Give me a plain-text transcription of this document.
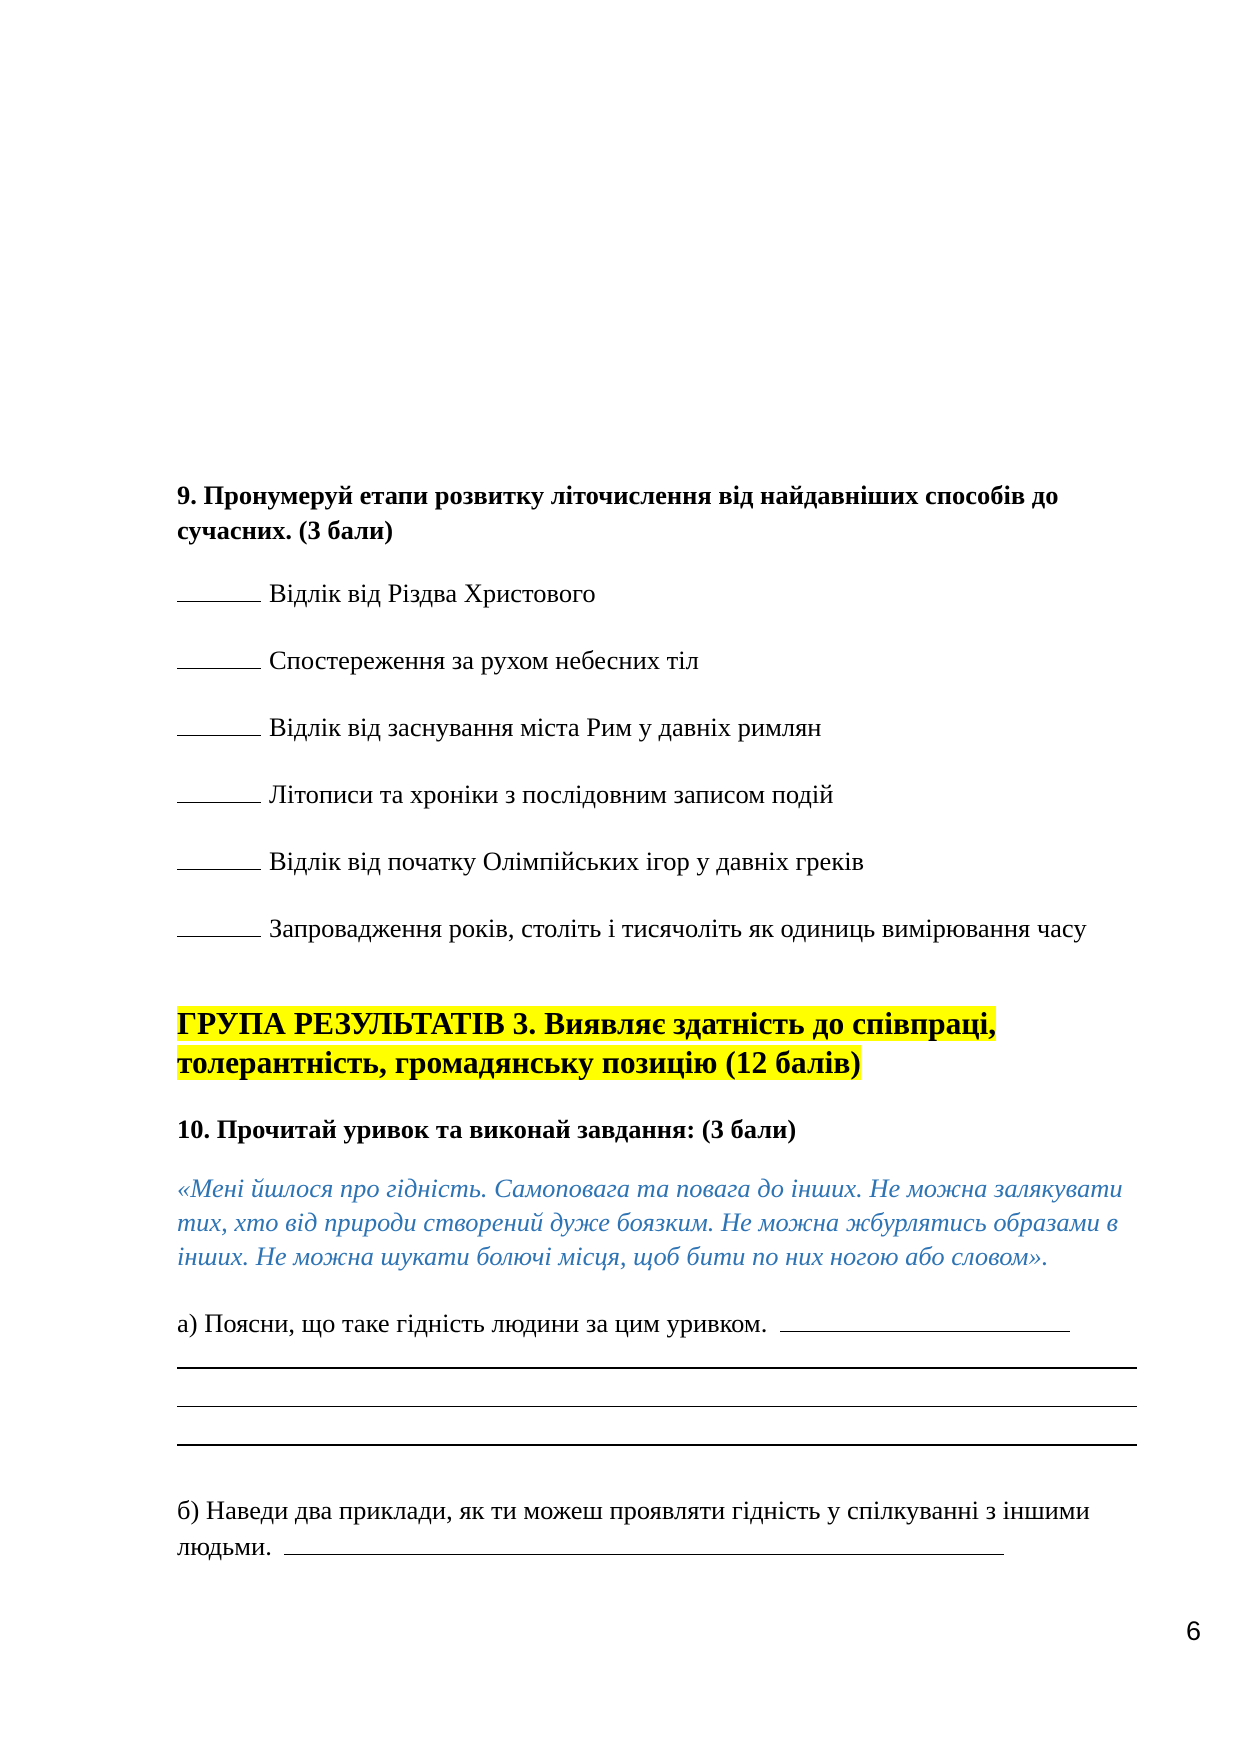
9. Пронумеруй етапи розвитку літочислення від найдавніших способів до сучасних. (3 бали)

Відлік від Різдва Христового

Спостереження за рухом небесних тіл

Відлік від заснування міста Рим у давніх римлян

Літописи та хроніки з послідовним записом подій

Відлік від початку Олімпійських ігор у давніх греків

Запровадження років, століть і тисячоліть як одиниць вимірювання часу

ГРУПА РЕЗУЛЬТАТІВ 3. Виявляє здатність до співпраці, толерантність, громадянську позицію (12 балів)

10. Прочитай уривок та виконай завдання: (3 бали)

«Мені йшлося про гідність. Самоповага та повага до інших. Не можна залякувати тих, хто від природи створений дуже боязким. Не можна жбурлятись образами в інших. Не можна шукати болючі місця, щоб бити по них ногою або словом».

а) Поясни, що таке гідність людини за цим уривком.
б) Наведи два приклади, як ти можеш проявляти гідність у спілкуванні з іншими людьми.
6
